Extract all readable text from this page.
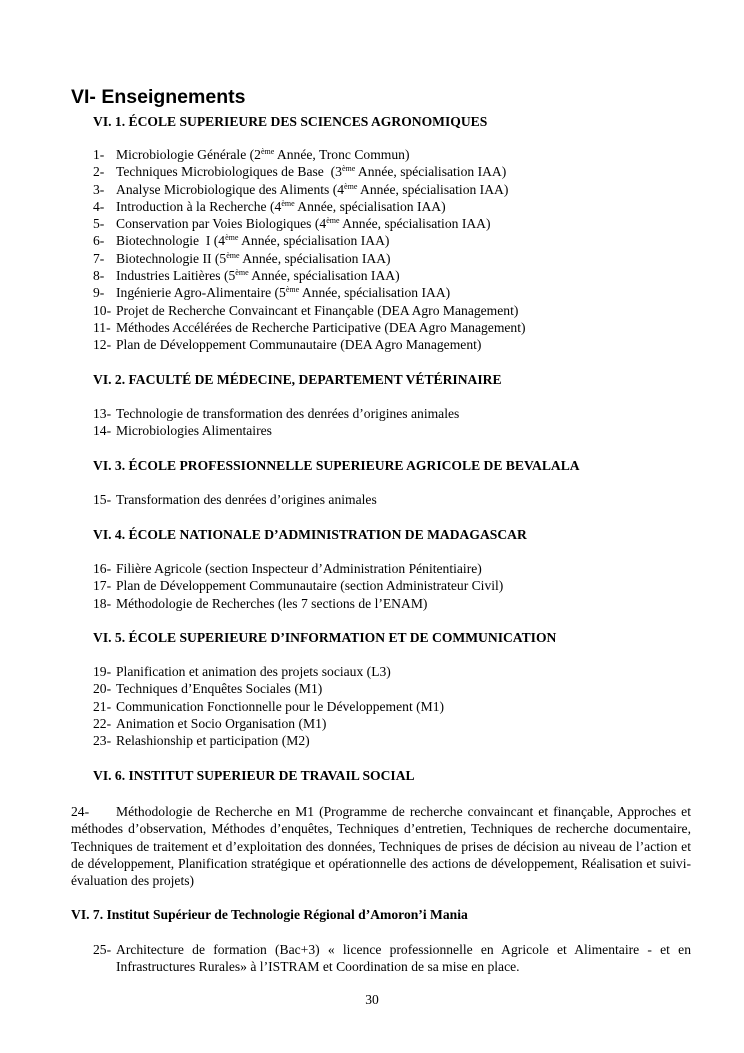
VI- Enseignements

VI. 1. ÉCOLE SUPERIEURE DES SCIENCES AGRONOMIQUES

1- Microbiologie Générale (2ème Année, Tronc Commun)
2- Techniques Microbiologiques de Base  (3ème Année, spécialisation IAA)
3- Analyse Microbiologique des Aliments (4ème Année, spécialisation IAA)
4- Introduction à la Recherche (4ème Année, spécialisation IAA)
5- Conservation par Voies Biologiques (4ème Année, spécialisation IAA)
6- Biotechnologie  I (4ème Année, spécialisation IAA)
7- Biotechnologie II (5ème Année, spécialisation IAA)
8- Industries Laitières (5ème Année, spécialisation IAA)
9- Ingénierie Agro-Alimentaire (5ème Année, spécialisation IAA)
10- Projet de Recherche Convaincant et Finançable (DEA Agro Management)
11- Méthodes Accélérées de Recherche Participative (DEA Agro Management)
12- Plan de Développement Communautaire (DEA Agro Management)

VI. 2. FACULTÉ DE MÉDECINE, DEPARTEMENT VÉTÉRINAIRE

13- Technologie de transformation des denrées d’origines animales
14- Microbiologies Alimentaires

VI. 3. ÉCOLE PROFESSIONNELLE SUPERIEURE AGRICOLE DE BEVALALA

15- Transformation des denrées d’origines animales

VI. 4. ÉCOLE NATIONALE D’ADMINISTRATION DE MADAGASCAR

16- Filière Agricole (section Inspecteur d’Administration Pénitentiaire)
17- Plan de Développement Communautaire (section Administrateur Civil)
18- Méthodologie de Recherches (les 7 sections de l’ENAM)

VI. 5. ÉCOLE SUPERIEURE D’INFORMATION ET DE COMMUNICATION

19- Planification et animation des projets sociaux (L3)
20- Techniques d’Enquêtes Sociales (M1)
21- Communication Fonctionnelle pour le Développement (M1)
22- Animation et Socio Organisation (M1)
23- Relashionship et participation (M2)

VI. 6. INSTITUT SUPERIEUR DE TRAVAIL SOCIAL

24- Méthodologie de Recherche en M1 (Programme de recherche convaincant et finançable, Approches et méthodes d’observation, Méthodes d’enquêtes, Techniques d’entretien, Techniques de recherche documentaire, Techniques de traitement et d’exploitation des données, Techniques de prises de décision au niveau de l’action et de développement, Planification stratégique et opérationnelle des actions de développement, Réalisation et suivi-évaluation des projets)

VI. 7. Institut Supérieur de Technologie Régional d’Amoron’i Mania

25- Architecture de formation (Bac+3) « licence professionnelle en Agricole et Alimentaire - et en Infrastructures Rurales» à l’ISTRAM et Coordination de sa mise en place.
30
